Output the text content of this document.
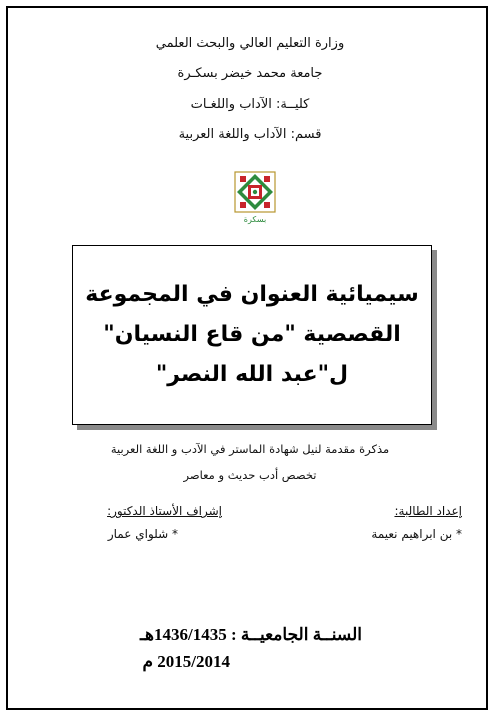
وزارة التعليم العالي والبحث العلمي
جامعة محمد خيضر بسكـرة
كليــة: الآداب واللغـات
قسم: الآداب واللغة العربية
بسكرة
سيميائية العنوان في المجموعة
القصصية "من قاع النسيان"
ل"عبد الله النصر"
مذكرة مقدمة لنيل شهادة الماستر في الآدب و اللغة العربية
تخصص أدب حديث و معاصر
إعداد الطالبة:
* بن ابراهيم نعيمة
إشراف الأستاذ الدكتور:
* شلواي عمار
السنــة الجامعيــة : 1436/1435هـ
2015/2014 م
